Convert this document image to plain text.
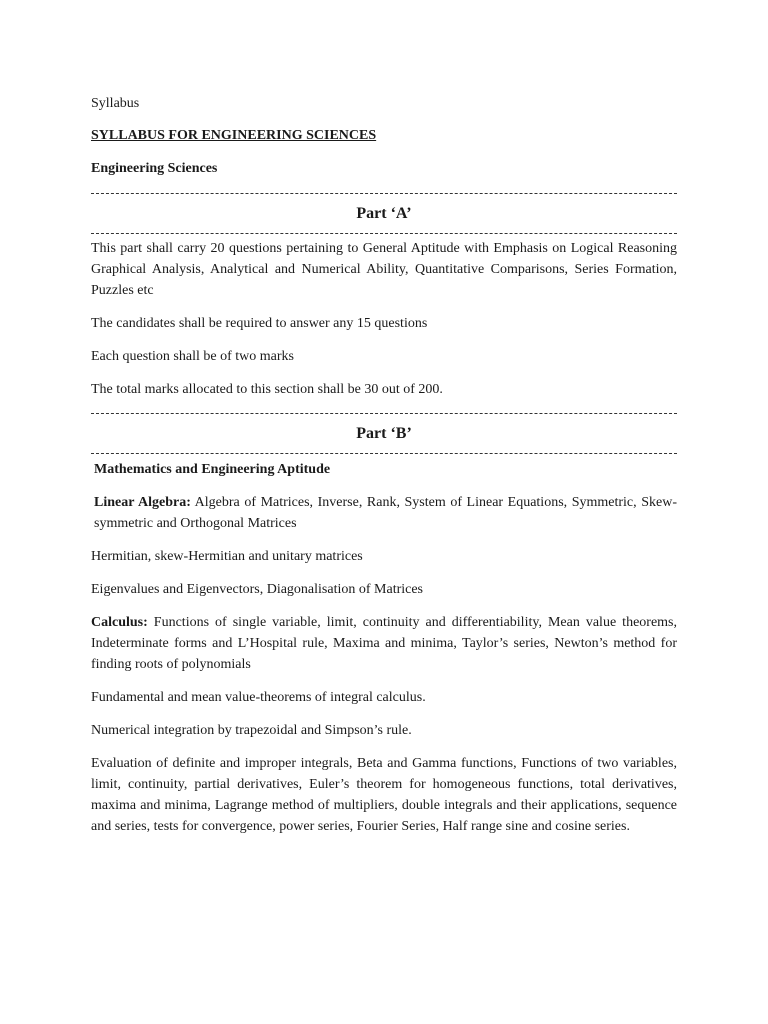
Syllabus

SYLLABUS FOR ENGINEERING SCIENCES

Engineering Sciences

Part ‘A’

This part shall carry 20 questions pertaining to General Aptitude with Emphasis on Logical Reasoning Graphical Analysis, Analytical and Numerical Ability, Quantitative Comparisons, Series Formation, Puzzles etc

The candidates shall be required to answer any 15 questions

Each question shall be of two marks

The total marks allocated to this section shall be 30 out of 200.

Part ‘B’

Mathematics and Engineering Aptitude

Linear Algebra: Algebra of Matrices, Inverse, Rank, System of Linear Equations, Symmetric, Skew-symmetric and Orthogonal Matrices

Hermitian, skew-Hermitian and unitary matrices

Eigenvalues and Eigenvectors, Diagonalisation of Matrices

Calculus: Functions of single variable, limit, continuity and differentiability, Mean value theorems, Indeterminate forms and L’Hospital rule, Maxima and minima, Taylor’s series, Newton’s method for finding roots of polynomials

Fundamental and mean value-theorems of integral calculus.

Numerical integration by trapezoidal and Simpson’s rule.

Evaluation of definite and improper integrals, Beta and Gamma functions, Functions of two variables, limit, continuity, partial derivatives, Euler’s theorem for homogeneous functions, total derivatives, maxima and minima, Lagrange method of multipliers, double integrals and their applications, sequence and series, tests for convergence, power series, Fourier Series, Half range sine and cosine series.
